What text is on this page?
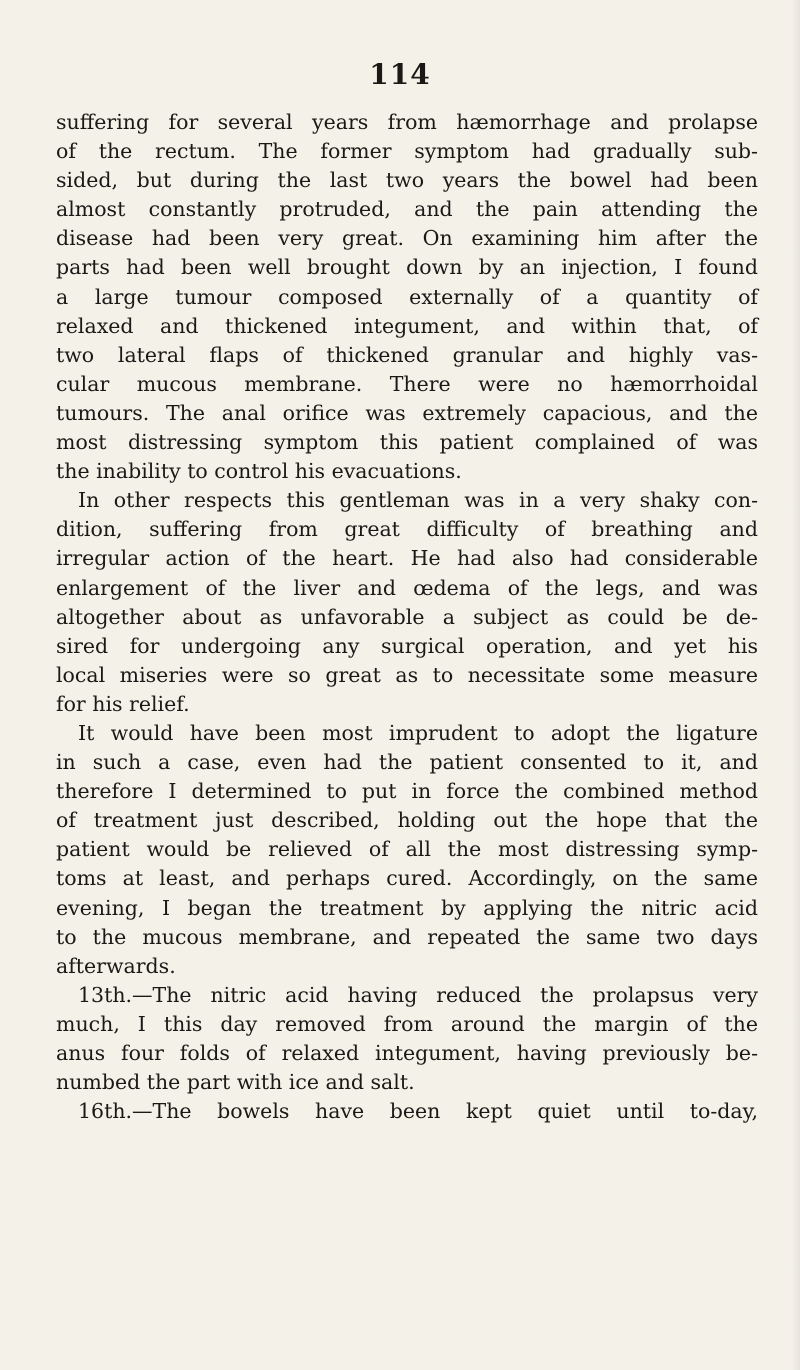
114
suffering for several years from hæmorrhage and prolapse
of the rectum. The former symptom had gradually sub-
sided, but during the last two years the bowel had been
almost constantly protruded, and the pain attending the
disease had been very great. On examining him after the
parts had been well brought down by an injection, I found
a large tumour composed externally of a quantity of
relaxed and thickened integument, and within that, of
two lateral flaps of thickened granular and highly vas-
cular mucous membrane. There were no hæmorrhoidal
tumours. The anal orifice was extremely capacious, and the
most distressing symptom this patient complained of was
the inability to control his evacuations.
In other respects this gentleman was in a very shaky con-
dition, suffering from great difficulty of breathing and
irregular action of the heart. He had also had considerable
enlargement of the liver and œdema of the legs, and was
altogether about as unfavorable a subject as could be de-
sired for undergoing any surgical operation, and yet his
local miseries were so great as to necessitate some measure
for his relief.
It would have been most imprudent to adopt the ligature
in such a case, even had the patient consented to it, and
therefore I determined to put in force the combined method
of treatment just described, holding out the hope that the
patient would be relieved of all the most distressing symp-
toms at least, and perhaps cured. Accordingly, on the same
evening, I began the treatment by applying the nitric acid
to the mucous membrane, and repeated the same two days
afterwards.
13th.—The nitric acid having reduced the prolapsus very
much, I this day removed from around the margin of the
anus four folds of relaxed integument, having previously be-
numbed the part with ice and salt.
16th.—The bowels have been kept quiet until to-day,
